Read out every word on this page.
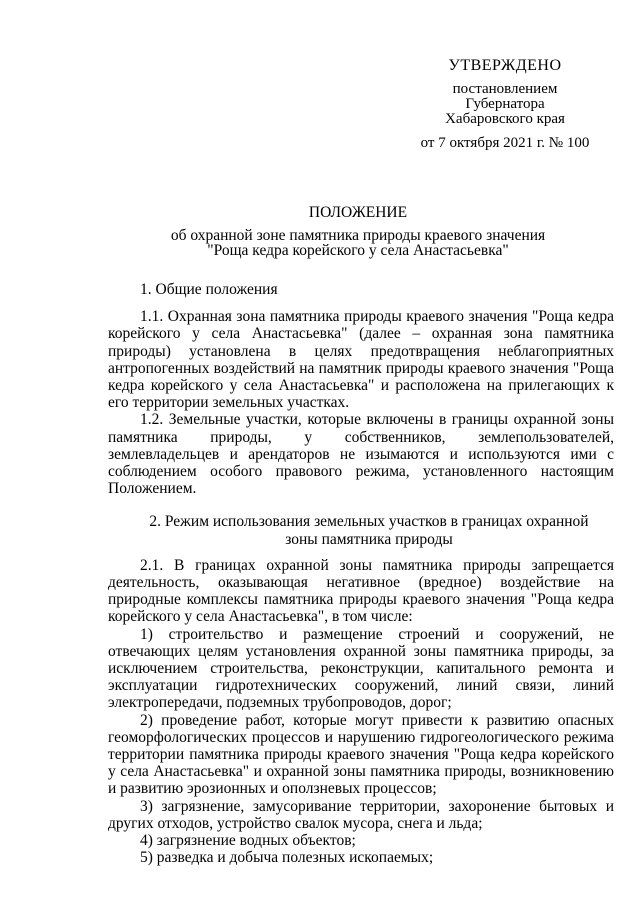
УТВЕРЖДЕНО
постановлением
Губернатора
Хабаровского края
от 7 октября 2021 г. № 100
ПОЛОЖЕНИЕ
об охранной зоне памятника природы краевого значения
"Роща кедра корейского у села Анастасьевка"

1. Общие положения

1.1. Охранная зона памятника природы краевого значения "Роща кедра корейского у села Анастасьевка" (далее – охранная зона памятника природы) установлена в целях предотвращения неблагоприятных антропогенных воздействий на памятник природы краевого значения "Роща кедра корейского у села Анастасьевка" и расположена на прилегающих к его территории земельных участках.

1.2. Земельные участки, которые включены в границы охранной зоны памятника природы, у собственников, землепользователей, землевладельцев и арендаторов не изымаются и используются ими с соблюдением особого правового режима, установленного настоящим Положением.

2. Режим использования земельных участков в границах охранной зоны памятника природы

2.1. В границах охранной зоны памятника природы запрещается деятельность, оказывающая негативное (вредное) воздействие на природные комплексы памятника природы краевого значения "Роща кедра корейского у села Анастасьевка", в том числе:

1) строительство и размещение строений и сооружений, не отвечающих целям установления охранной зоны памятника природы, за исключением строительства, реконструкции, капитального ремонта и эксплуатации гидротехнических сооружений, линий связи, линий электропередачи, подземных трубопроводов, дорог;

2) проведение работ, которые могут привести к развитию опасных геоморфологических процессов и нарушению гидрогеологического режима территории памятника природы краевого значения "Роща кедра корейского у села Анастасьевка" и охранной зоны памятника природы, возникновению и развитию эрозионных и оползневых процессов;

3) загрязнение, замусоривание территории, захоронение бытовых и других отходов, устройство свалок мусора, снега и льда;

4) загрязнение водных объектов;

5) разведка и добыча полезных ископаемых;
